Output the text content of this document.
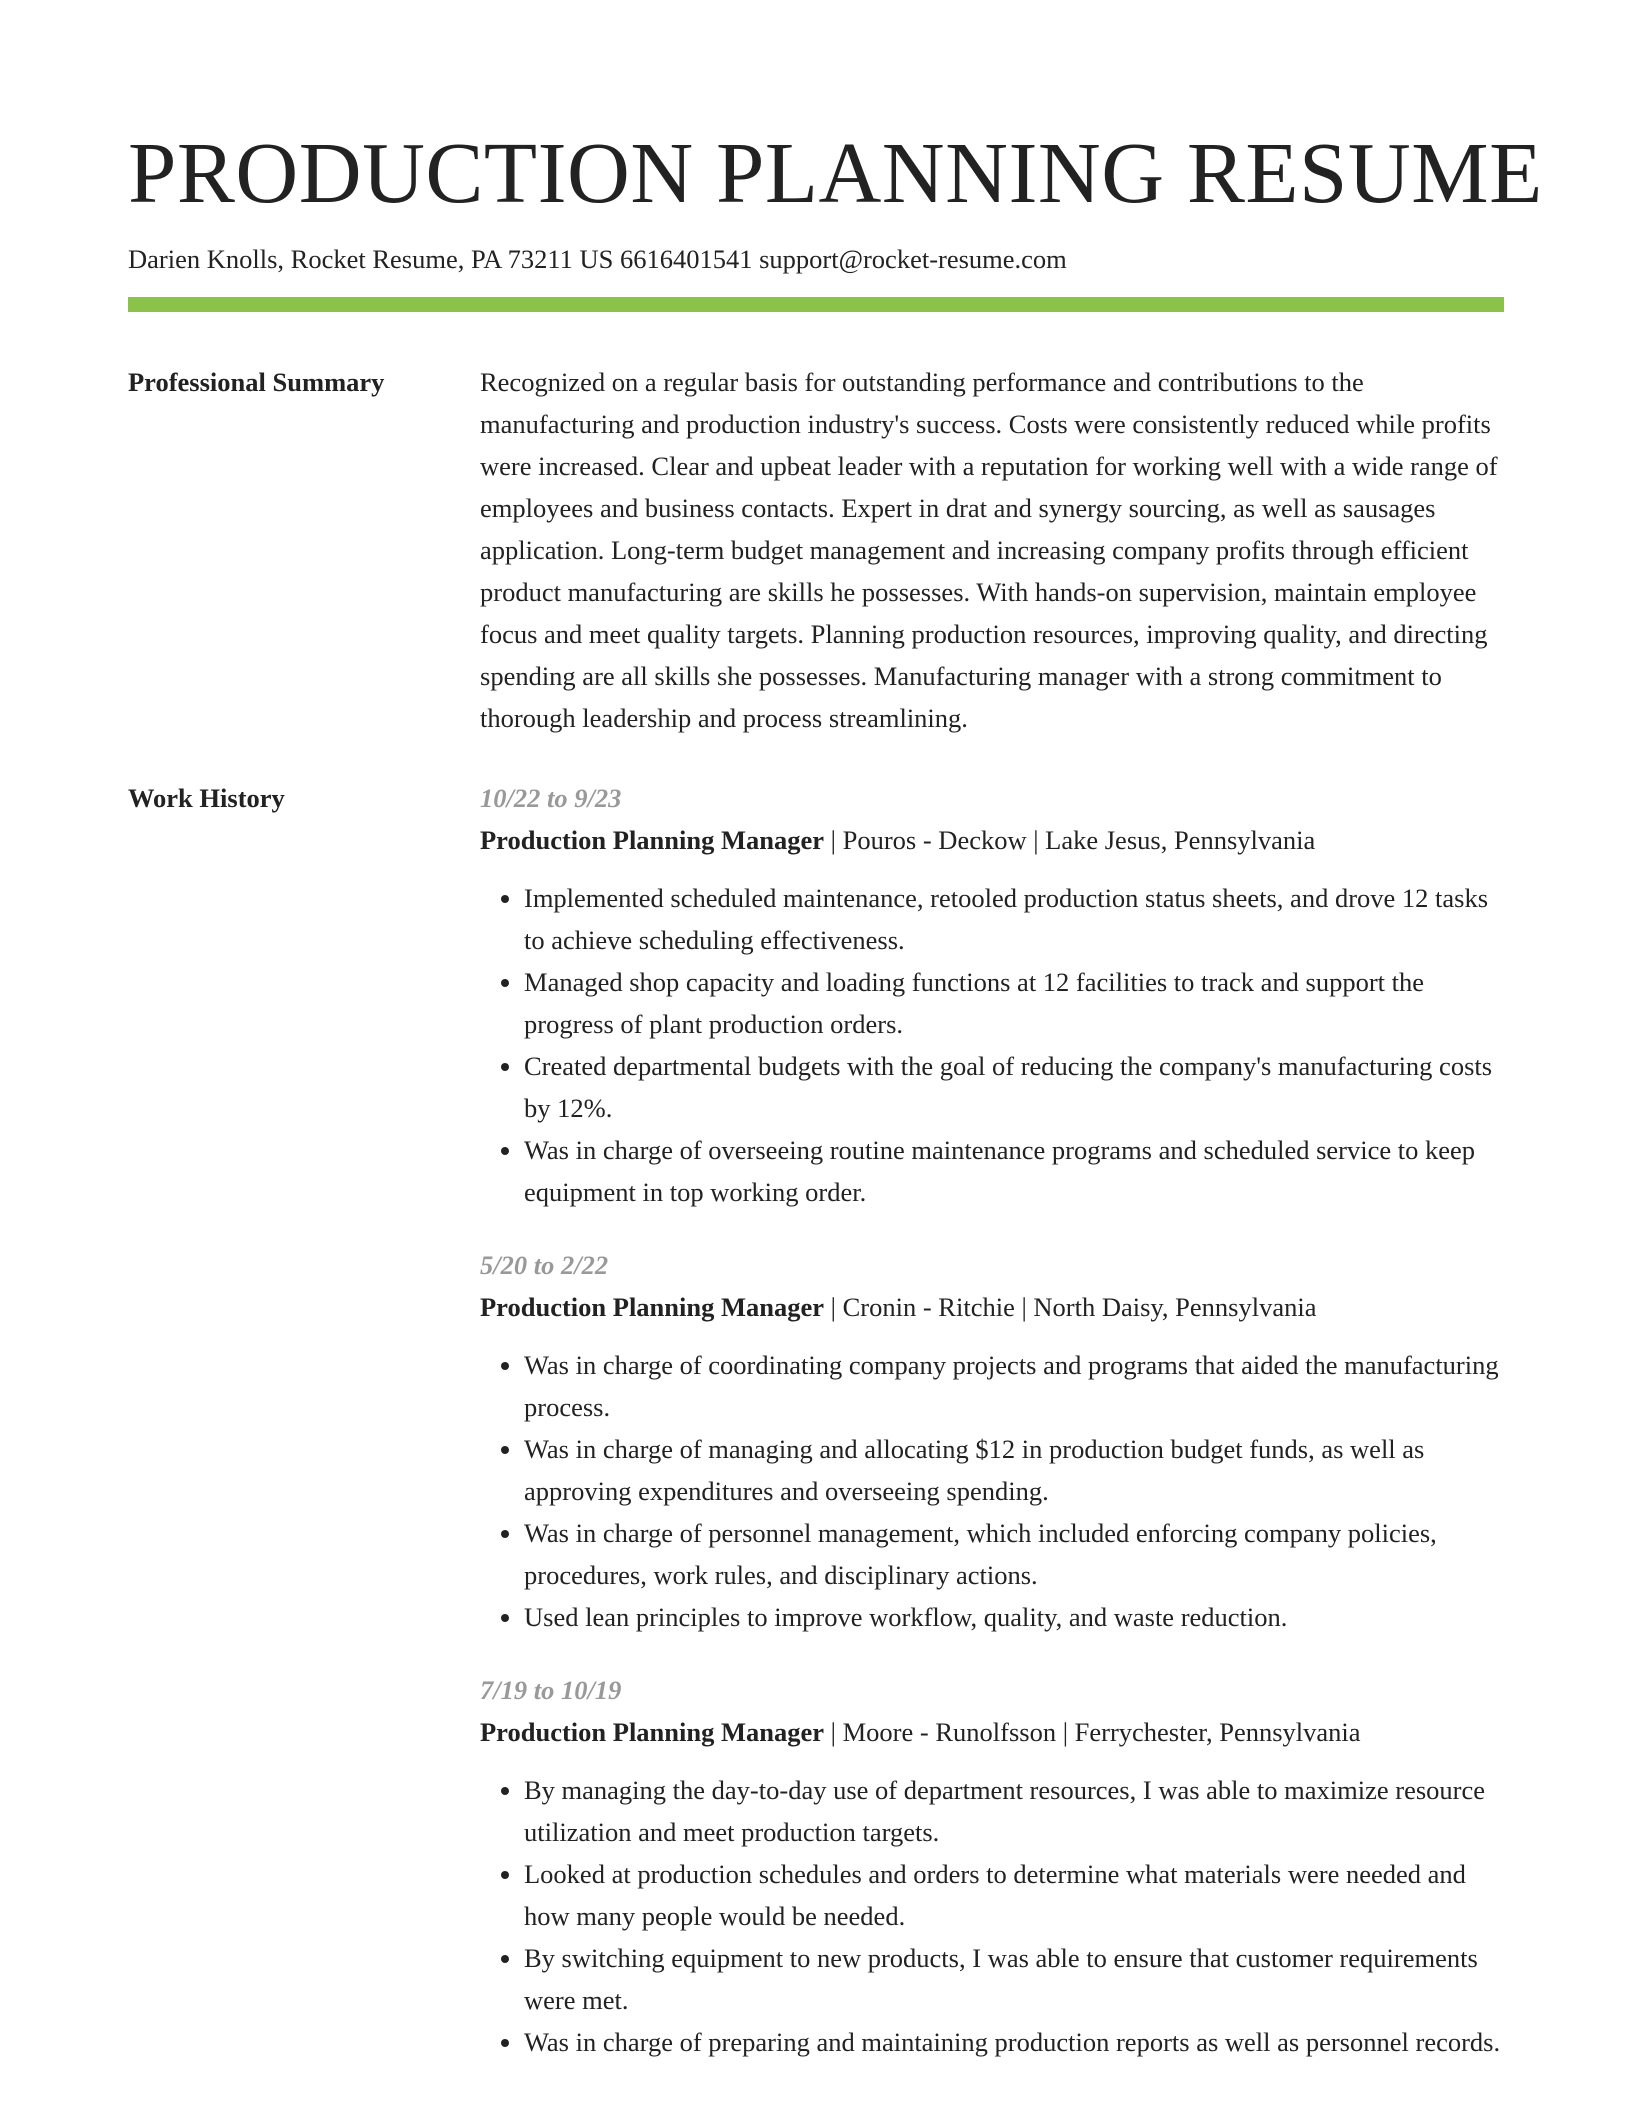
PRODUCTION PLANNING RESUME
Darien Knolls, Rocket Resume, PA 73211 US 6616401541 support@rocket-resume.com
Professional Summary	Recognized on a regular basis for outstanding performance and contributions to the manufacturing and production industry's success. Costs were consistently reduced while profits were increased. Clear and upbeat leader with a reputation for working well with a wide range of employees and business contacts. Expert in drat and synergy sourcing, as well as sausages application. Long-term budget management and increasing company profits through efficient product manufacturing are skills he possesses. With hands-on supervision, maintain employee focus and meet quality targets. Planning production resources, improving quality, and directing spending are all skills she possesses. Manufacturing manager with a strong commitment to thorough leadership and process streamlining.

Work History	10/22 to 9/23

Production Planning Manager | Pouros - Deckow | Lake Jesus, Pennsylvania

• Implemented scheduled maintenance, retooled production status sheets, and drove 12 tasks to achieve scheduling effectiveness.
• Managed shop capacity and loading functions at 12 facilities to track and support the progress of plant production orders.
• Created departmental budgets with the goal of reducing the company's manufacturing costs by 12%.
• Was in charge of overseeing routine maintenance programs and scheduled service to keep equipment in top working order.

5/20 to 2/22

Production Planning Manager | Cronin - Ritchie | North Daisy, Pennsylvania

• Was in charge of coordinating company projects and programs that aided the manufacturing process.
• Was in charge of managing and allocating $12 in production budget funds, as well as approving expenditures and overseeing spending.
• Was in charge of personnel management, which included enforcing company policies, procedures, work rules, and disciplinary actions.
• Used lean principles to improve workflow, quality, and waste reduction.

7/19 to 10/19

Production Planning Manager | Moore - Runolfsson | Ferrychester, Pennsylvania

• By managing the day-to-day use of department resources, I was able to maximize resource utilization and meet production targets.
• Looked at production schedules and orders to determine what materials were needed and how many people would be needed.
• By switching equipment to new products, I was able to ensure that customer requirements were met.
• Was in charge of preparing and maintaining production reports as well as personnel records.
